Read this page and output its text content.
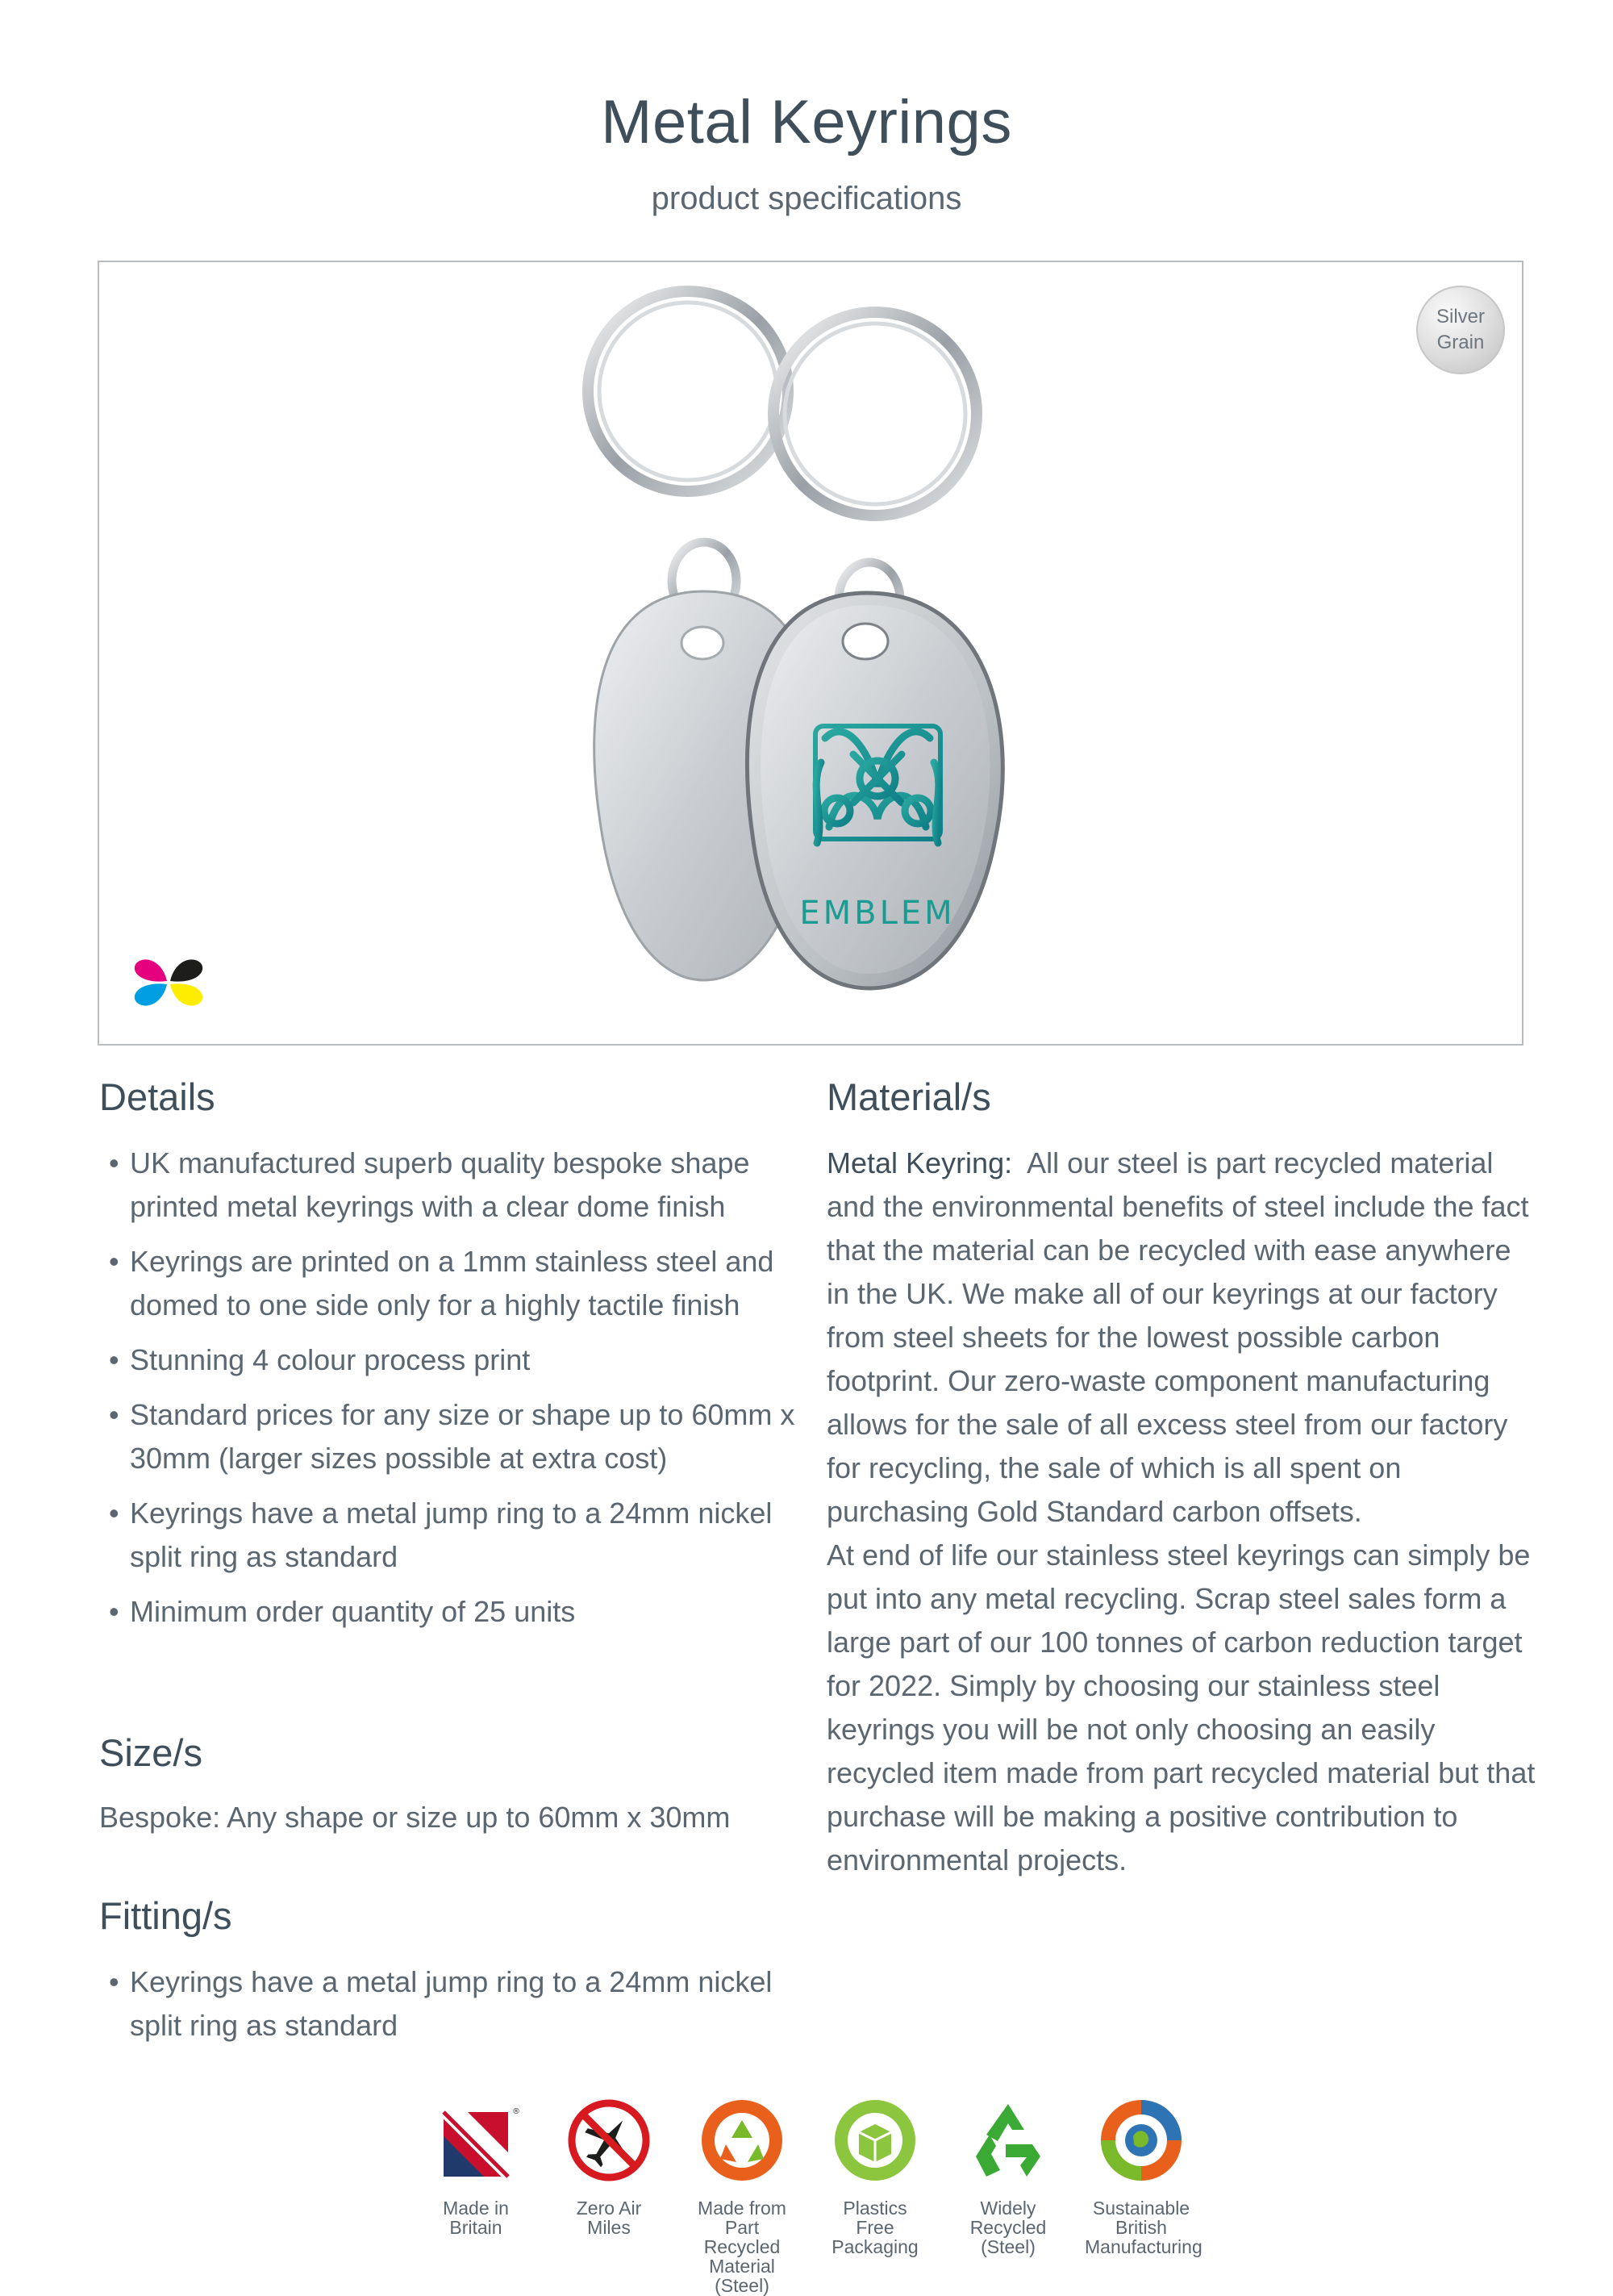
Metal Keyrings
product specifications
EMBLEM
Silver
Grain
Details
• UK manufactured superb quality bespoke shape printed metal keyrings with a clear dome finish
• Keyrings are printed on a 1mm stainless steel and domed to one side only for a highly tactile finish
• Stunning 4 colour process print
• Standard prices for any size or shape up to 60mm x 30mm (larger sizes possible at extra cost)
• Keyrings have a metal jump ring to a 24mm nickel split ring as standard
• Minimum order quantity of 25 units
Size/s

Bespoke: Any shape or size up to 60mm x 30mm

Fitting/s
• Keyrings have a metal jump ring to a 24mm nickel split ring as standard
Material/s

Metal Keyring: All our steel is part recycled material and the environmental benefits of steel include the fact that the material can be recycled with ease anywhere in the UK. We make all of our keyrings at our factory from steel sheets for the lowest possible carbon footprint. Our zero-waste component manufacturing allows for the sale of all excess steel from our factory for recycling, the sale of which is all spent on purchasing Gold Standard carbon offsets.

At end of life our stainless steel keyrings can simply be put into any metal recycling. Scrap steel sales form a large part of our 100 tonnes of carbon reduction target for 2022. Simply by choosing our stainless steel keyrings you will be not only choosing an easily recycled item made from part recycled material but that purchase will be making a positive contribution to environmental projects.

®
Made in
Britain
Zero Air
Miles
Made from
Part Recycled
Material
(Steel)
Plastics
Free
Packaging
Widely
Recycled
(Steel)
Sustainable
British
Manufacturing
